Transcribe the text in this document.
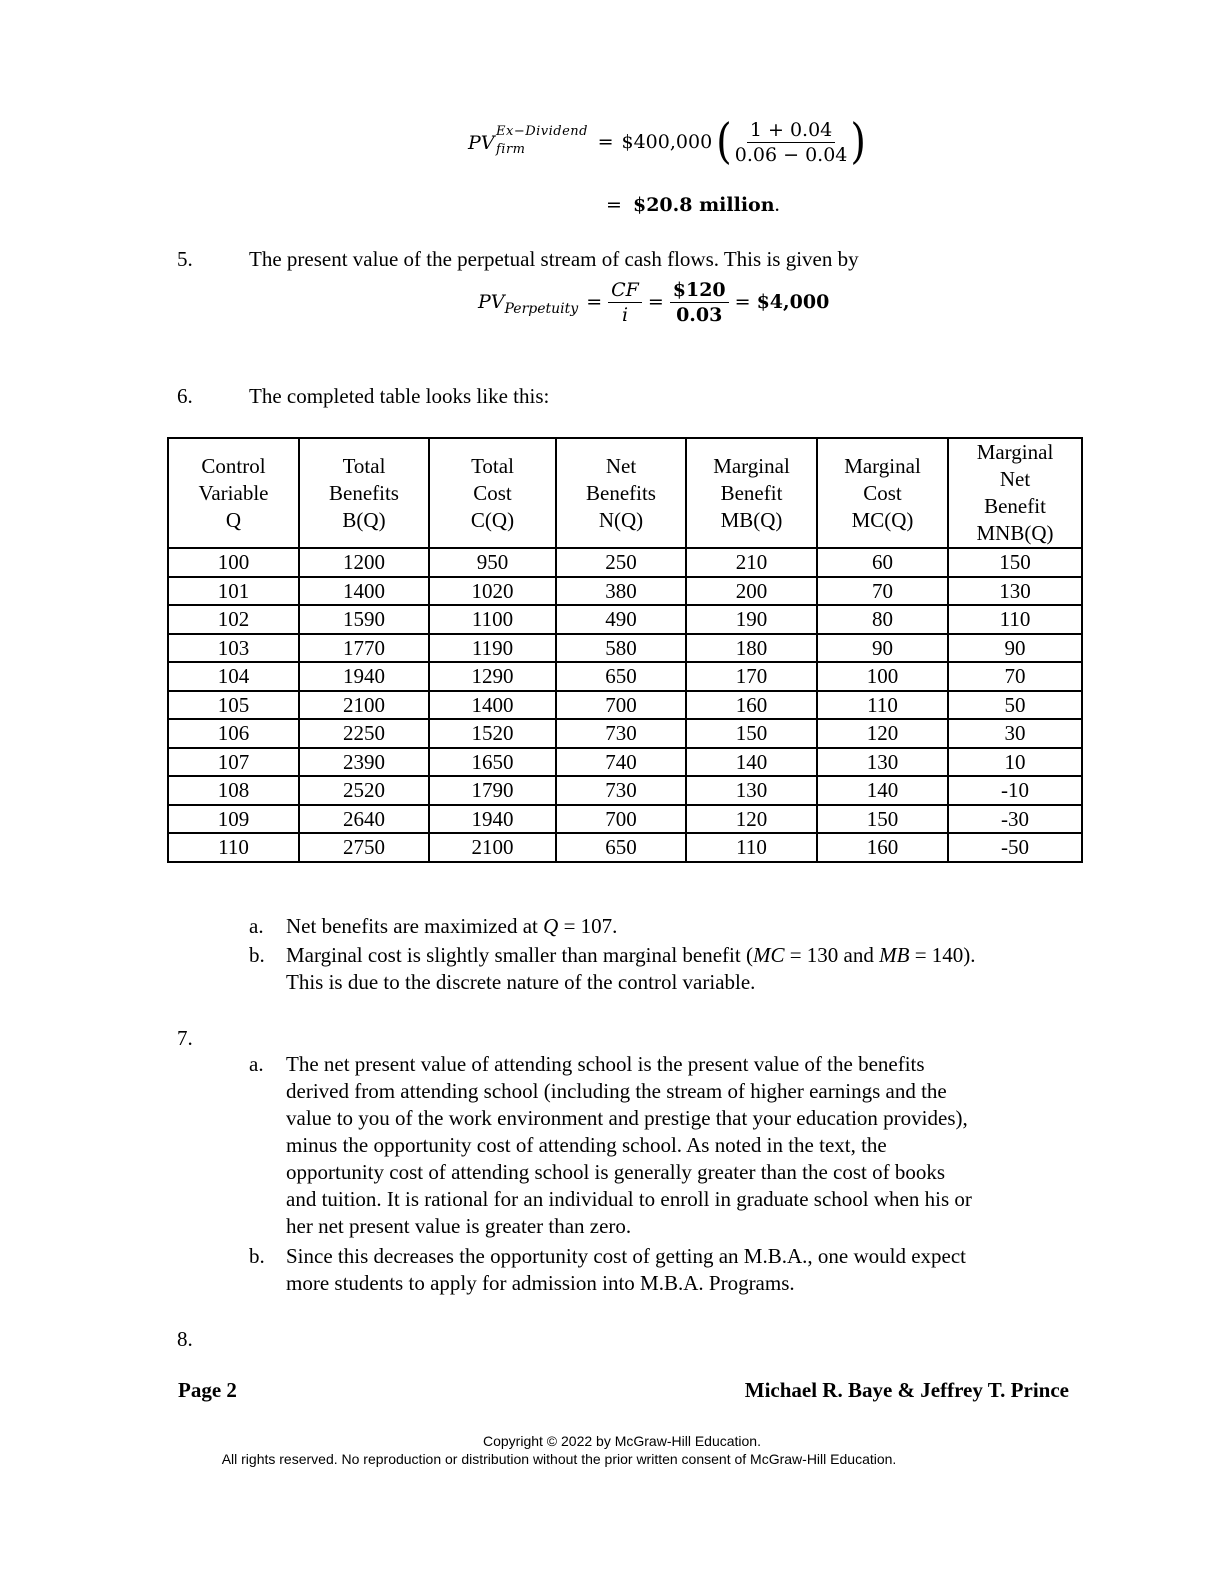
PV
Ex−Dividend
firm	= $400,000 ( $\frac{1 + 0.04}{0.06 - 0.04}$ )
= $20.8 million.
5.	The present value of the perpetual stream of cash flows. This is given by
$PV_{Perpetuity} = \frac{CF}{i} = \frac{\$120}{0.03}$ = $4,000
6.	The completed table looks like this:
Control
Variable
Q	Total
Benefits
B(Q)	Total
Cost
C(Q)	Net
Benefits
N(Q)	Marginal
Benefit
MB(Q)	Marginal
Cost
MC(Q)	Marginal
Net
Benefit
MNB(Q)

100	1200	950	250	210	60	150
101	1400	1020	380	200	70	130
102	1590	1100	490	190	80	110
103	1770	1190	580	180	90	90
104	1940	1290	650	170	100	70
105	2100	1400	700	160	110	50
106	2250	1520	730	150	120	30
107	2390	1650	740	140	130	10
108	2520	1790	730	130	140	-10
109	2640	1940	700	120	150	-30
110	2750	2100	650	110	160	-50
a. Net benefits are maximized at Q = 107.
b. Marginal cost is slightly smaller than marginal benefit (MC = 130 and MB = 140).
This is due to the discrete nature of the control variable.
7.
a. The net present value of attending school is the present value of the benefits
derived from attending school (including the stream of higher earnings and the
value to you of the work environment and prestige that your education provides),
minus the opportunity cost of attending school. As noted in the text, the
opportunity cost of attending school is generally greater than the cost of books
and tuition. It is rational for an individual to enroll in graduate school when his or
her net present value is greater than zero.
b. Since this decreases the opportunity cost of getting an M.B.A., one would expect
more students to apply for admission into M.B.A. Programs.
8.
Page 2	Michael R. Baye & Jeffrey T. Prince
Copyright © 2022 by McGraw-Hill Education.
All rights reserved. No reproduction or distribution without the prior written consent of McGraw-Hill Education.
